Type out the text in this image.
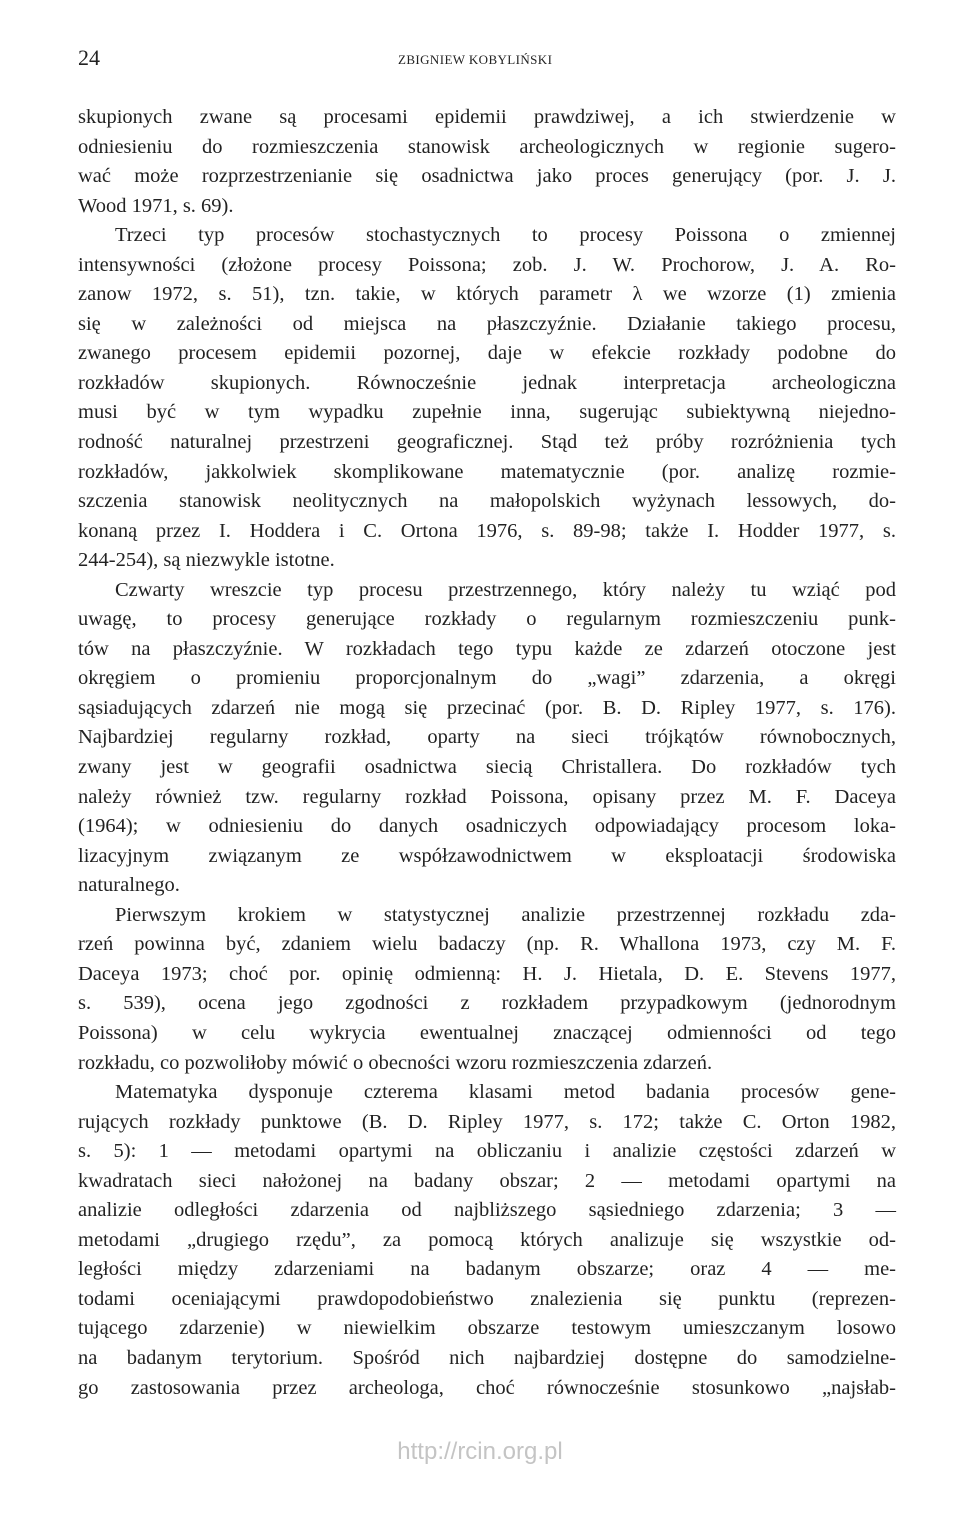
24	ZBIGNIEW KOBYLIŃSKI
skupionych zwane są procesami epidemii prawdziwej, a ich stwierdzenie w
odniesieniu do rozmieszczenia stanowisk archeologicznych w regionie sugero-
wać może rozprzestrzenianie się osadnictwa jako proces generujący (por. J. J.
Wood 1971, s. 69).
Trzeci typ procesów stochastycznych to procesy Poissona o zmiennej
intensywności (złożone procesy Poissona; zob. J. W. Prochorow, J. A. Ro-
zanow 1972, s. 51), tzn. takie, w których parametr λ we wzorze (1) zmienia
się w zależności od miejsca na płaszczyźnie. Działanie takiego procesu,
zwanego procesem epidemii pozornej, daje w efekcie rozkłady podobne do
rozkładów skupionych. Równocześnie jednak interpretacja archeologiczna
musi być w tym wypadku zupełnie inna, sugerując subiektywną niejedno-
rodność naturalnej przestrzeni geograficznej. Stąd też próby rozróżnienia tych
rozkładów, jakkolwiek skomplikowane matematycznie (por. analizę rozmie-
szczenia stanowisk neolitycznych na małopolskich wyżynach lessowych, do-
konaną przez I. Hoddera i C. Ortona 1976, s. 89-98; także I. Hodder 1977, s.
244-254), są niezwykle istotne.
Czwarty wreszcie typ procesu przestrzennego, który należy tu wziąć pod
uwagę, to procesy generujące rozkłady o regularnym rozmieszczeniu punk-
tów na płaszczyźnie. W rozkładach tego typu każde ze zdarzeń otoczone jest
okręgiem o promieniu proporcjonalnym do „wagi” zdarzenia, a okręgi
sąsiadujących zdarzeń nie mogą się przecinać (por. B. D. Ripley 1977, s. 176).
Najbardziej regularny rozkład, oparty na sieci trójkątów równobocznych,
zwany jest w geografii osadnictwa siecią Christallera. Do rozkładów tych
należy również tzw. regularny rozkład Poissona, opisany przez M. F. Daceya
(1964); w odniesieniu do danych osadniczych odpowiadający procesom loka-
lizacyjnym związanym ze współzawodnictwem w eksploatacji środowiska
naturalnego.
Pierwszym krokiem w statystycznej analizie przestrzennej rozkładu zda-
rzeń powinna być, zdaniem wielu badaczy (np. R. Whallona 1973, czy M. F.
Daceya 1973; choć por. opinię odmienną: H. J. Hietala, D. E. Stevens 1977,
s. 539), ocena jego zgodności z rozkładem przypadkowym (jednorodnym
Poissona) w celu wykrycia ewentualnej znaczącej odmienności od tego
rozkładu, co pozwoliłoby mówić o obecności wzoru rozmieszczenia zdarzeń.
Matematyka dysponuje czterema klasami metod badania procesów gene-
rujących rozkłady punktowe (B. D. Ripley 1977, s. 172; także C. Orton 1982,
s. 5): 1 — metodami opartymi na obliczaniu i analizie częstości zdarzeń w
kwadratach sieci nałożonej na badany obszar; 2 — metodami opartymi na
analizie odległości zdarzenia od najbliższego sąsiedniego zdarzenia; 3 —
metodami „drugiego rzędu”, za pomocą których analizuje się wszystkie od-
ległości między zdarzeniami na badanym obszarze; oraz 4 — me-
todami oceniającymi prawdopodobieństwo znalezienia się punktu (reprezen-
tującego zdarzenie) w niewielkim obszarze testowym umieszczanym losowo
na badanym terytorium. Spośród nich najbardziej dostępne do samodzielne-
go zastosowania przez archeologa, choć równocześnie stosunkowo „najsłab-
http://rcin.org.pl
